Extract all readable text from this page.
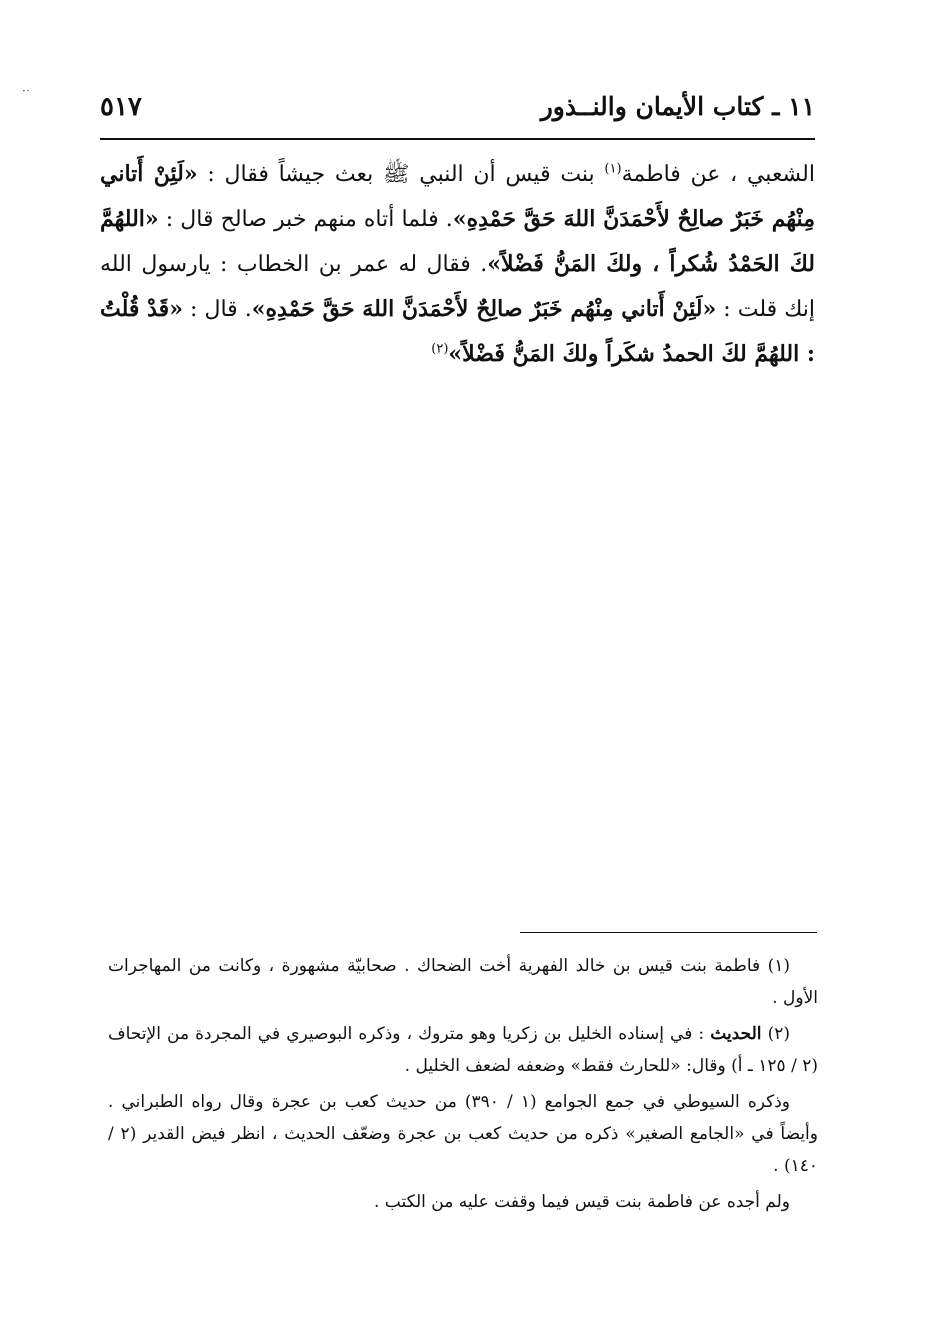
·ˑ
١١ ـ كتاب الأيمان والنــذور
٥١٧

الشعبي ، عن فاطمة$^{(١)}$ بنت قيس أن النبي ﷺ بعث جيشاً فقال : «لَئِنْ أَتاني مِنْهُم خَبَرٌ صالِحٌ لأَحْمَدَنَّ اللهَ حَقَّ حَمْدِهِ». فلما أتاه منهم خبر صالح قال : «اللهُمَّ لكَ الحَمْدُ شُكراً ، ولكَ المَنُّ فَضْلاً». فقال له عمر بن الخطاب : يارسول الله إنك قلت : «لَئِنْ أَتاني مِنْهُم خَبَرٌ صالِحٌ لأَحْمَدَنَّ اللهَ حَقَّ حَمْدِهِ». قال : «قَدْ قُلْتُ : اللهُمَّ لكَ الحمدُ شكَراً ولكَ المَنُّ فَضْلاً»$^{(٢)}$

(١) فاطمة بنت قيس بن خالد الفهرية أخت الضحاك . صحابيّة مشهورة ، وكانت من المهاجرات الأول .

(٢) الحديث : في إسناده الخليل بن زكريا وهو متروك ، وذكره البوصيري في المجردة من الإتحاف (٢ / ١٢٥ ـ أ) وقال: «للحارث فقط» وضعفه لضعف الخليل .

وذكره السيوطي في جمع الجوامع (١ / ٣٩٠) من حديث كعب بن عجرة وقال رواه الطبراني . وأيضاً في «الجامع الصغير» ذكره من حديث كعب بن عجرة وضعّف الحديث ، انظر فيض القدير (٢ / ١٤٠) .

ولم أجده عن فاطمة بنت قيس فيما وقفت عليه من الكتب .
